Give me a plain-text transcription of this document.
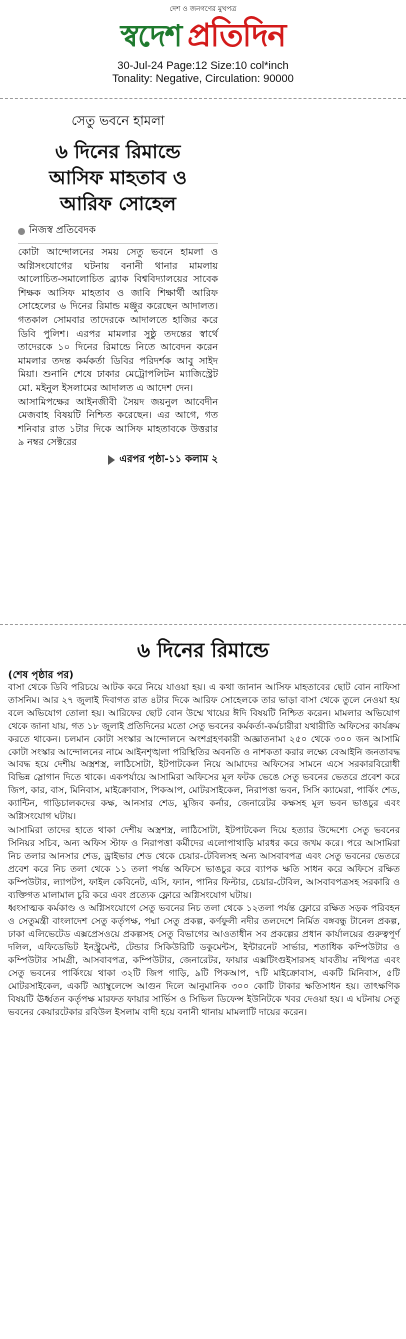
দেশ ও জনগণের মুখপত্র
স্বদেশ প্রতিদিন
30-Jul-24 Page:12 Size:10 col*inch
Tonality: Negative, Circulation: 90000
সেতু ভবনে হামলা
৬ দিনের রিমান্ডে
আসিফ মাহতাব ও
আরিফ সোহেল
নিজস্ব প্রতিবেদক

কোটা আন্দোলনের সময় সেতু ভবনে হামলা ও অগ্নিসংযোগের ঘটনায় বনানী থানার মামলায় আলোচিত-সমালোচিত ব্র্যাক বিশ্ববিদ্যালয়ের সাবেক শিক্ষক আসিফ মাহতাব ও জাবি শিক্ষার্থী আরিফ সোহেলের ৬ দিনের রিমান্ড মঞ্জুর করেছেন আদালত। গতকাল সোমবার তাদেরকে আদালতে হাজির করে ডিবি পুলিশ। এরপর মামলার সুষ্ঠু তদন্তের স্বার্থে তাদেরকে ১০ দিনের রিমান্ডে নিতে আবেদন করেন মামলার তদন্ত কর্মকর্তা ডিবির পরিদর্শক আবু সাইদ মিয়া। শুনানি শেষে ঢাকার মেট্রোপলিটন ম্যাজিস্ট্রেট মো. মইনুল ইসলামের আদালত এ আদেশ দেন।

আসামিপক্ষের আইনজীবী সৈয়দ জয়নুল আবেদীন মেজবাহ বিষয়টি নিশ্চিত করেছেন। এর আগে, গত শনিবার রাত ১টার দিকে আসিফ মাহতাবকে উত্তরার ৯ নম্বর সেক্টরের

এরপর পৃষ্ঠা-১১ কলাম ২
৬ দিনের রিমান্ডে
(শেষ পৃষ্ঠার পর)

বাসা থেকে ডিবি পরিচয়ে আটক করে নিয়ে যাওয়া হয়। এ কথা জানান আসিফ মাহতাবের ছোট বোন নাফিসা তাসনিম। আর ২৭ জুলাই দিবাগত রাত ৪টার দিকে আরিফ সোহেলকে তার ভাড়া বাসা থেকে তুলে নেওয়া হয় বলে অভিযোগ তোলা হয়। আরিফের ছোট বোন উম্মে খায়ের ঈদি বিষয়টি নিশ্চিত করেন। মামলার অভিযোগ থেকে জানা যায়, গত ১৮ জুলাই প্রতিদিনের মতো সেতু ভবনের কর্মকর্তা-কর্মচারীরা যথারীতি অফিসের কার্যক্রম করতে থাকেন। চলমান কোটা সংস্কার আন্দোলনে অংশগ্রহণকারী অজ্ঞাতনামা ২৫০ থেকে ৩০০ জন আসামি কোটা সংস্কার আন্দোলনের নামে আইনশৃঙ্খলা পরিস্থিতির অবনতি ও নাশকতা করার লক্ষ্যে বেআইনি জনতাবদ্ধ আবদ্ধ হয়ে দেশীয় অস্ত্রশস্ত্র, লাঠিসোটা, ইটপাটকেল নিয়ে আমাদের অফিসের সামনে এসে সরকারবিরোধী বিভিন্ন স্লোগান দিতে থাকে। একপর্যায়ে আসামিরা অফিসের মূল ফটক ভেঙে সেতু ভবনের ভেতরে প্রবেশ করে জিপ, কার, বাস, মিনিবাস, মাইক্রোবাস, পিকআপ, মোটরসাইকেল, নিরাপত্তা ভবন, সিসি ক্যামেরা, পার্কিং শেড, ক্যান্টিন, গাড়িচালকদের কক্ষ, আনসার শেড, মুজিব কর্নার, জেনারেটর কক্ষসহ মূল ভবন ভাঙচুর এবং অগ্নিসংযোগ ঘটায়।

আসামিরা তাদের হাতে থাকা দেশীয় অস্ত্রশস্ত্র, লাঠিসোটা, ইটপাটকেল দিয়ে হত্যার উদ্দেশ্যে সেতু ভবনের সিনিয়র সচিব, অন্য অফিস স্টাফ ও নিরাপত্তা কর্মীদের এলোপাথাড়ি মারধর করে জখম করে। পরে আসামিরা নিচ তলার আনসার শেড, ড্রাইভার শেড থেকে চেয়ার-টেবিলসহ অন্য আসবাবপত্র এবং সেতু ভবনের ভেতরে প্রবেশ করে নিচ তলা থেকে ১১ তলা পর্যন্ত অফিসে ভাঙচুর করে ব্যাপক ক্ষতি সাধন করে অফিসে রক্ষিত কম্পিউটার, ল্যাপটপ, ফাইল কেবিনেট, এসি, ফ্যান, পানির ফিল্টার, চেয়ার-টেবিল, আসবাবপত্রসহ সরকারি ও ব্যক্তিগত মালামাল চুরি করে এবং প্রত্যেক ফ্লোরে অগ্নিসংযোগ ঘটায়।

ধ্বংসাত্মক কর্মকাণ্ড ও অগ্নিসংযোগে সেতু ভবনের নিচ তলা থেকে ১২তলা পর্যন্ত ফ্লোরে রক্ষিত সড়ক পরিবহন ও সেতুমন্ত্রী বাংলাদেশ সেতু কর্তৃপক্ষ, পদ্মা সেতু প্রকল্প, কর্ণফুলী নদীর তলদেশে নির্মিত বঙ্গবন্ধু টানেল প্রকল্প, ঢাকা এলিভেটেড এক্সপ্রেসওয়ে প্রকল্পসহ সেতু বিভাগের আওতাধীন সব প্রকল্পের প্রধান কার্যালয়ের গুরুত্বপূর্ণ দলিল, এফিডেভিট ইনস্ট্রুমেন্ট, টেন্ডার সিকিউরিটি ডকুমেন্টস, ইন্টারনেট সার্ভার, শতাধিক কম্পিউটার ও কম্পিউটার সামগ্রী, আসবাবপত্র, কম্পিউটার, জেনারেটর, ফায়ার এক্সটিংগুইসারসহ যাবতীয় নথিপত্র এবং সেতু ভবনের পার্কিংয়ে থাকা ৩২টি জিপ গাড়ি, ৯টি পিকআপ, ৭টি মাইক্রোবাস, একটি মিনিবাস, ৫টি মোটরসাইকেল, একটি অ্যাম্বুলেন্সে আগুন দিলে আনুমানিক ৩০০ কোটি টাকার ক্ষতিসাধন হয়। তাৎক্ষণিক বিষয়টি ঊর্ধ্বতন কর্তৃপক্ষ মারফত ফায়ার সার্ভিস ও সিভিল ডিফেন্স ইউনিটকে খবর দেওয়া হয়। এ ঘটনায় সেতু ভবনের কেয়ারটেকার রবিউল ইসলাম বাদী হয়ে বনানী থানায় মামলাটি দায়ের করেন।
